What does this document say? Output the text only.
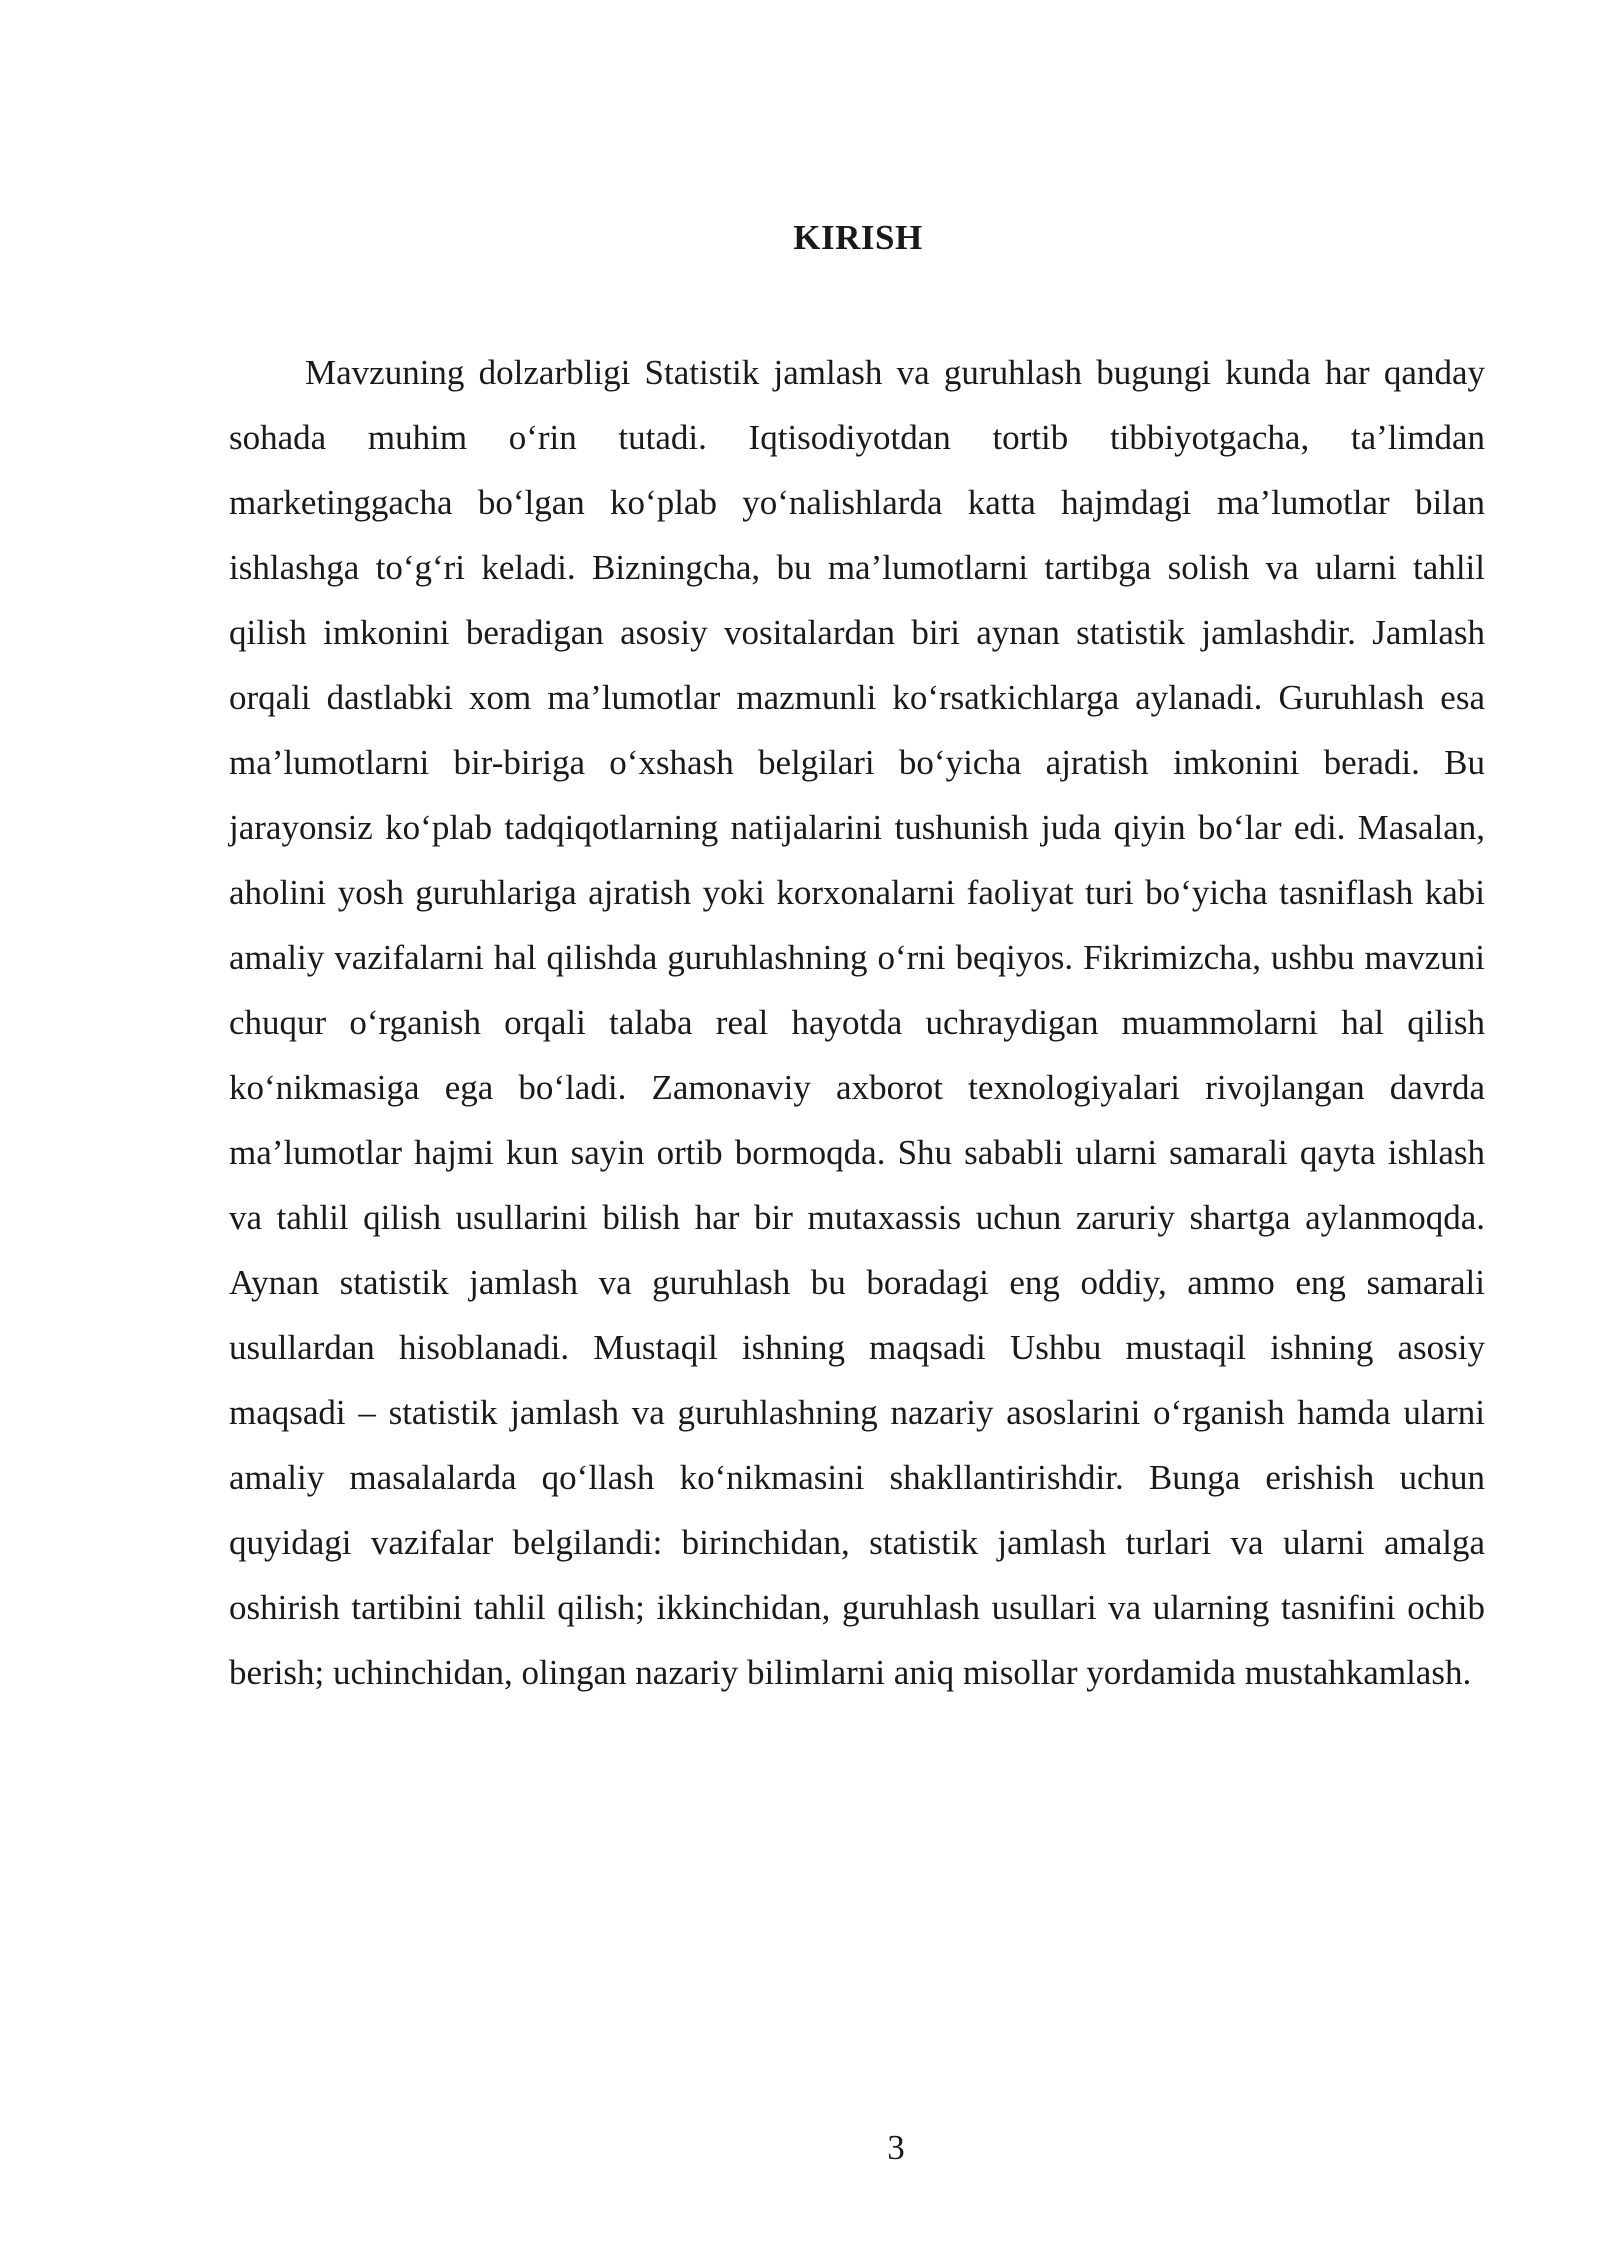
KIRISH

Mavzuning dolzarbligi Statistik jamlash va guruhlash bugungi kunda har qanday sohada muhim o‘rin tutadi. Iqtisodiyotdan tortib tibbiyotgacha, ta’limdan marketinggacha bo‘lgan ko‘plab yo‘nalishlarda katta hajmdagi ma’lumotlar bilan ishlashga to‘g‘ri keladi. Bizningcha, bu ma’lumotlarni tartibga solish va ularni tahlil qilish imkonini beradigan asosiy vositalardan biri aynan statistik jamlashdir. Jamlash orqali dastlabki xom ma’lumotlar mazmunli ko‘rsatkichlarga aylanadi. Guruhlash esa ma’lumotlarni bir-biriga o‘xshash belgilari bo‘yicha ajratish imkonini beradi. Bu jarayonsiz ko‘plab tadqiqotlarning natijalarini tushunish juda qiyin bo‘lar edi. Masalan, aholini yosh guruhlariga ajratish yoki korxonalarni faoliyat turi bo‘yicha tasniflash kabi amaliy vazifalarni hal qilishda guruhlashning o‘rni beqiyos. Fikrimizcha, ushbu mavzuni chuqur o‘rganish orqali talaba real hayotda uchraydigan muammolarni hal qilish ko‘nikmasiga ega bo‘ladi. Zamonaviy axborot texnologiyalari rivojlangan davrda ma’lumotlar hajmi kun sayin ortib bormoqda. Shu sababli ularni samarali qayta ishlash va tahlil qilish usullarini bilish har bir mutaxassis uchun zaruriy shartga aylanmoqda. Aynan statistik jamlash va guruhlash bu boradagi eng oddiy, ammo eng samarali usullardan hisoblanadi. Mustaqil ishning maqsadi Ushbu mustaqil ishning asosiy maqsadi – statistik jamlash va guruhlashning nazariy asoslarini o‘rganish hamda ularni amaliy masalalarda qo‘llash ko‘nikmasini shakllantirishdir. Bunga erishish uchun quyidagi vazifalar belgilandi: birinchidan, statistik jamlash turlari va ularni amalga oshirish tartibini tahlil qilish; ikkinchidan, guruhlash usullari va ularning tasnifini ochib berish; uchinchidan, olingan nazariy bilimlarni aniq misollar yordamida mustahkamlash.

3
